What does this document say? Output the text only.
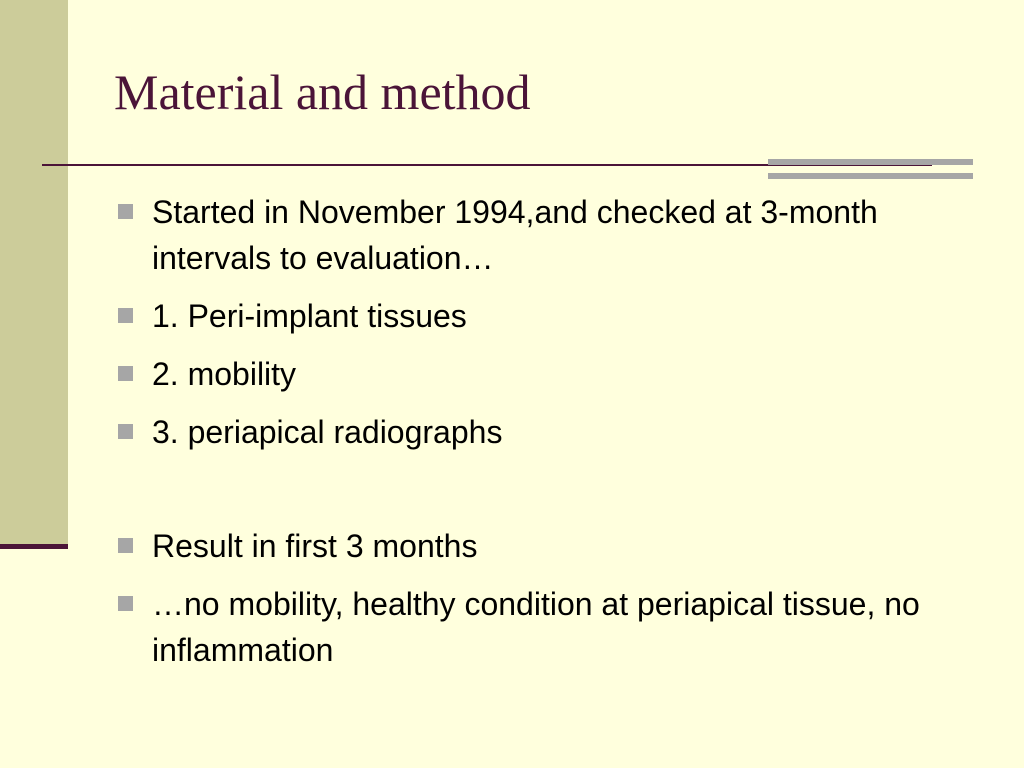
Material and method
Started in November 1994,and checked at 3-month intervals to evaluation…
1. Peri-implant tissues
2. mobility
3. periapical radiographs
Result in first 3 months
…no mobility, healthy condition at periapical tissue, no inflammation
